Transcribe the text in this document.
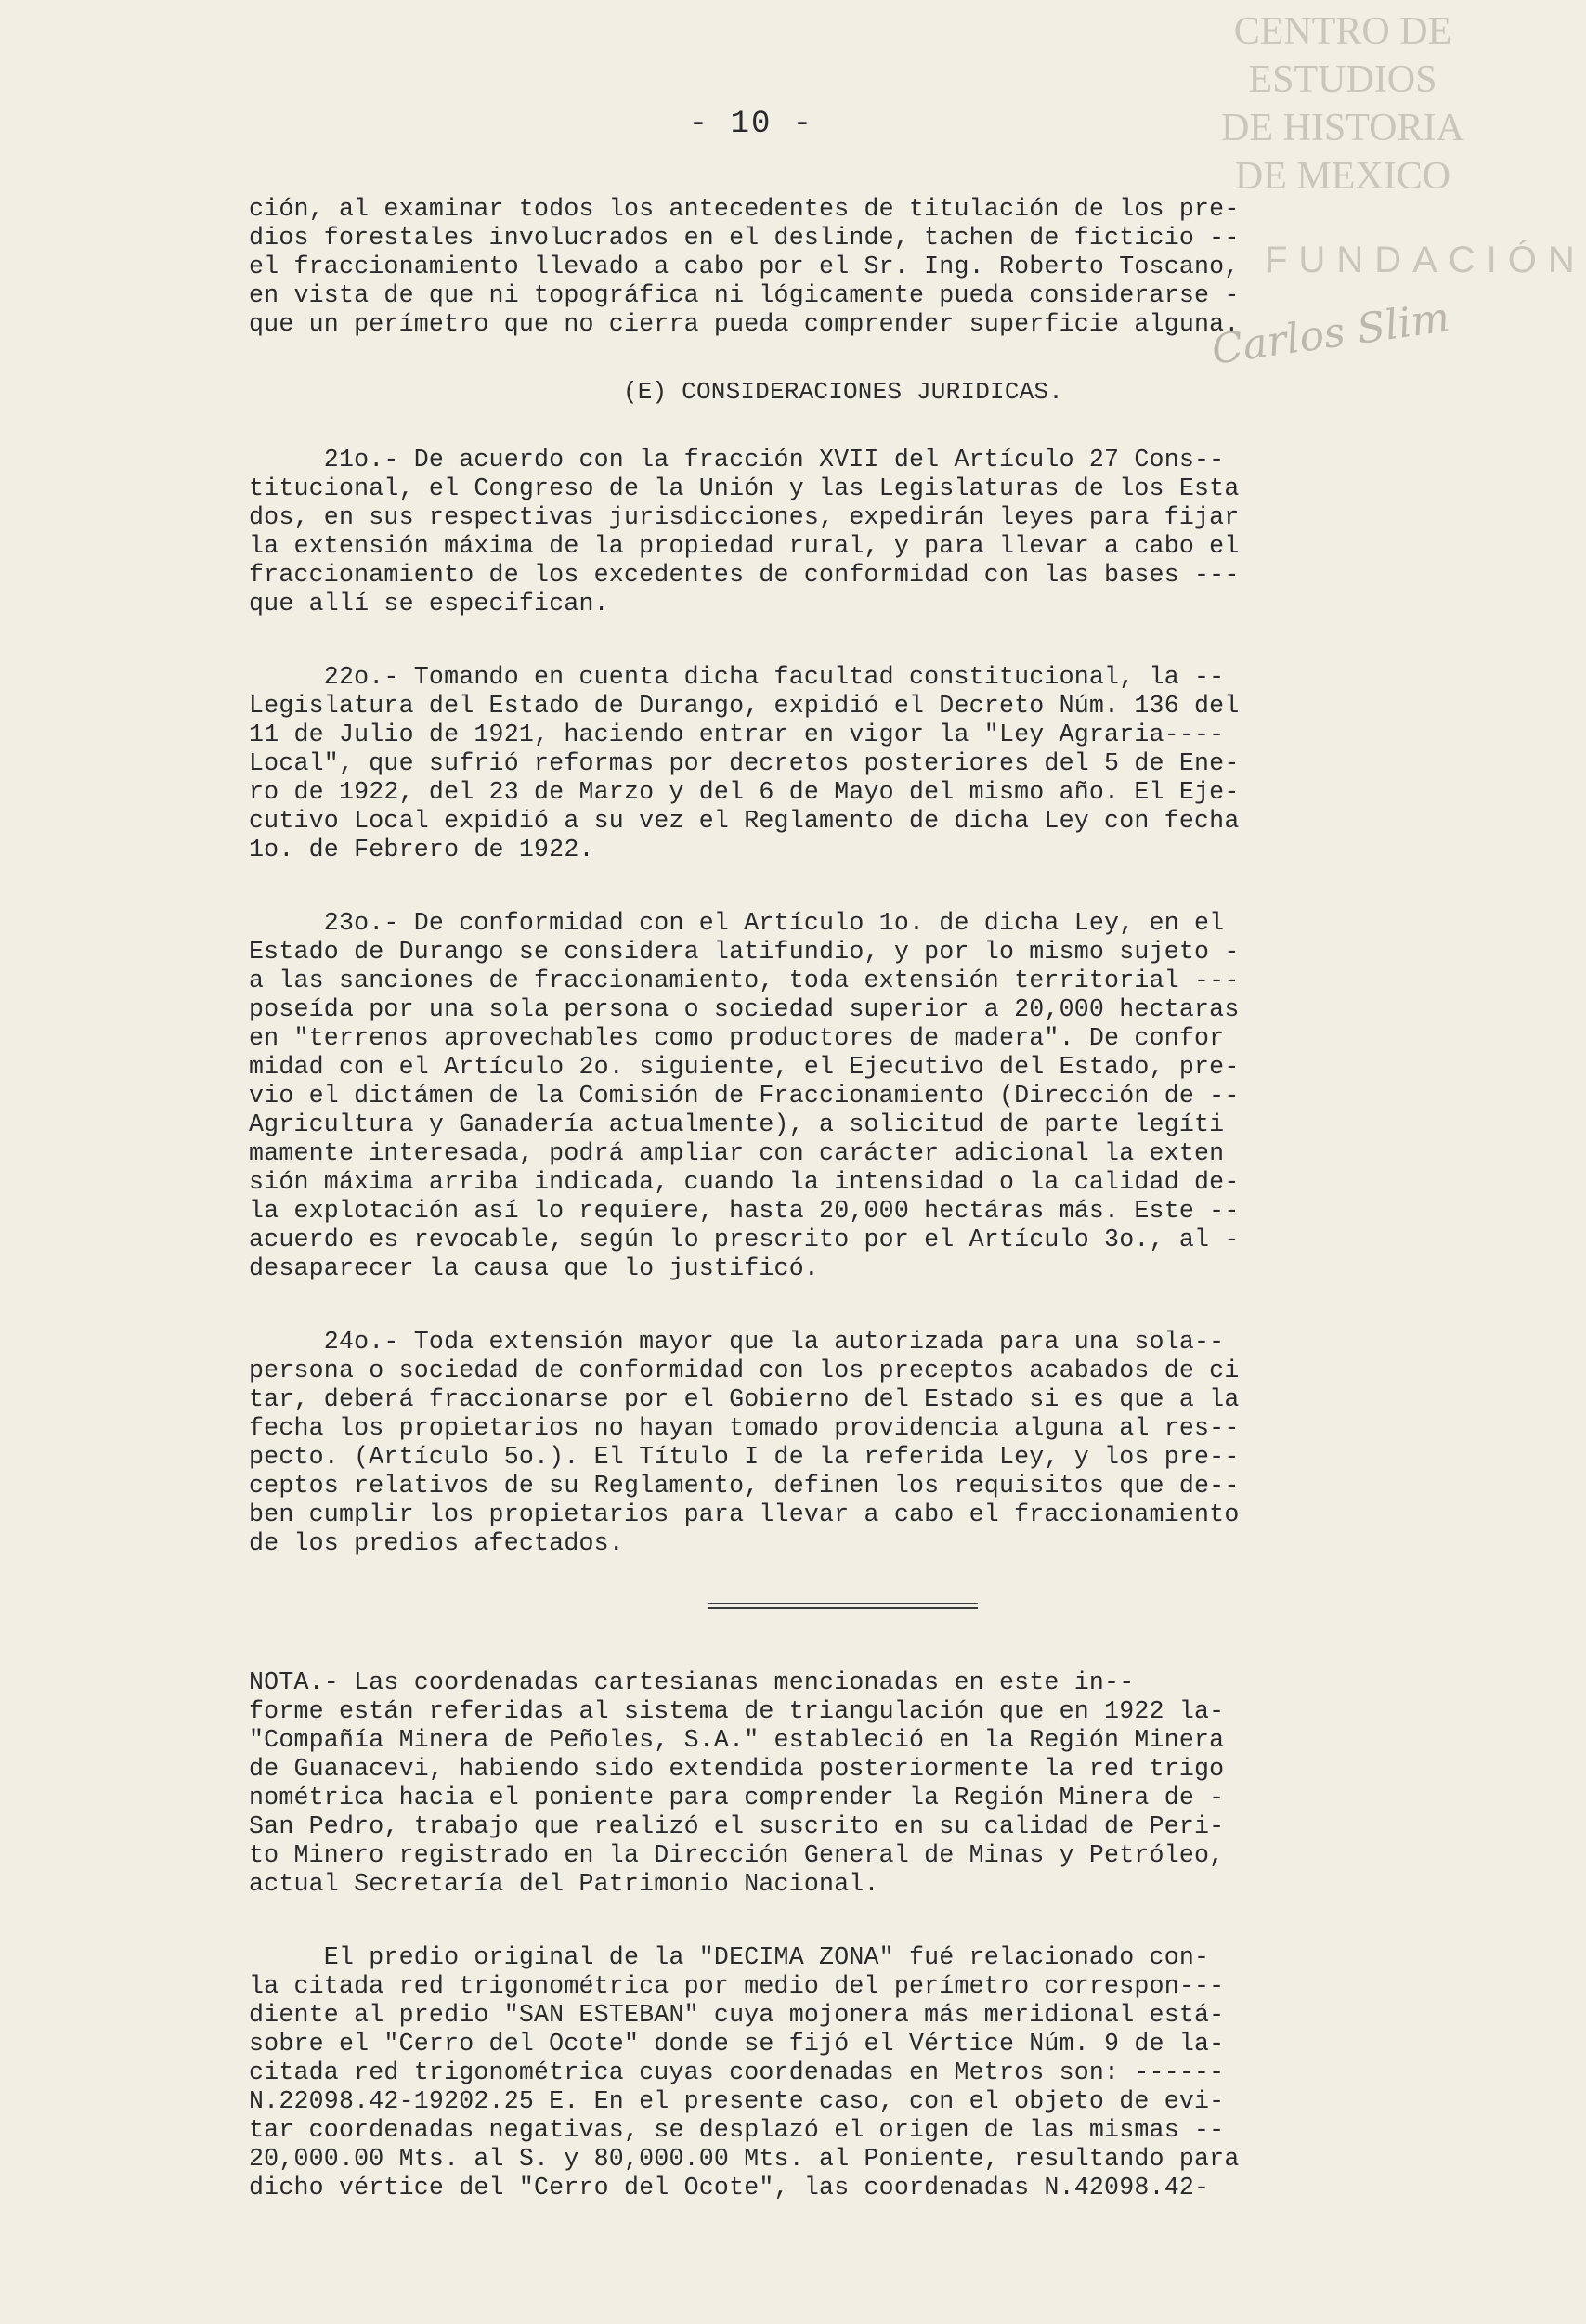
CENTRO DE
ESTUDIOS
DE HISTORIA
DE MEXICO
FUNDACIÓN
Carlos Slim
- 10 -
ción, al examinar todos los antecedentes de titulación de los pre-
dios forestales involucrados en el deslinde, tachen de ficticio --
el fraccionamiento llevado a cabo por el Sr. Ing. Roberto Toscano,
en vista de que ni topográfica ni lógicamente pueda considerarse -
que un perímetro que no cierra pueda comprender superficie alguna.
(E) CONSIDERACIONES JURIDICAS.
21o.- De acuerdo con la fracción XVII del Artículo 27 Cons--
titucional, el Congreso de la Unión y las Legislaturas de los Esta
dos, en sus respectivas jurisdicciones, expedirán leyes para fijar
la extensión máxima de la propiedad rural, y para llevar a cabo el
fraccionamiento de los excedentes de conformidad con las bases ---
que allí se especifican.
22o.- Tomando en cuenta dicha facultad constitucional, la --
Legislatura del Estado de Durango, expidió el Decreto Núm. 136 del
11 de Julio de 1921, haciendo entrar en vigor la "Ley Agraria----
Local", que sufrió reformas por decretos posteriores del 5 de Ene-
ro de 1922, del 23 de Marzo y del 6 de Mayo del mismo año. El Eje-
cutivo Local expidió a su vez el Reglamento de dicha Ley con fecha
1o. de Febrero de 1922.
23o.- De conformidad con el Artículo 1o. de dicha Ley, en el
Estado de Durango se considera latifundio, y por lo mismo sujeto -
a las sanciones de fraccionamiento, toda extensión territorial ---
poseída por una sola persona o sociedad superior a 20,000 hectaras
en "terrenos aprovechables como productores de madera". De confor
midad con el Artículo 2o. siguiente, el Ejecutivo del Estado, pre-
vio el dictámen de la Comisión de Fraccionamiento (Dirección de --
Agricultura y Ganadería actualmente), a solicitud de parte legíti
mamente interesada, podrá ampliar con carácter adicional la exten
sión máxima arriba indicada, cuando la intensidad o la calidad de-
la explotación así lo requiere, hasta 20,000 hectáras más. Este --
acuerdo es revocable, según lo prescrito por el Artículo 3o., al -
desaparecer la causa que lo justificó.
24o.- Toda extensión mayor que la autorizada para una sola--
persona o sociedad de conformidad con los preceptos acabados de ci
tar, deberá fraccionarse por el Gobierno del Estado si es que a la
fecha los propietarios no hayan tomado providencia alguna al res--
pecto. (Artículo 5o.). El Título I de la referida Ley, y los pre--
ceptos relativos de su Reglamento, definen los requisitos que de--
ben cumplir los propietarios para llevar a cabo el fraccionamiento
de los predios afectados.
NOTA.- Las coordenadas cartesianas mencionadas en este in--
forme están referidas al sistema de triangulación que en 1922 la-
"Compañía Minera de Peñoles, S.A." estableció en la Región Minera
de Guanacevi, habiendo sido extendida posteriormente la red trigo
nométrica hacia el poniente para comprender la Región Minera de -
San Pedro, trabajo que realizó el suscrito en su calidad de Peri-
to Minero registrado en la Dirección General de Minas y Petróleo,
actual Secretaría del Patrimonio Nacional.
El predio original de la "DECIMA ZONA" fué relacionado con-
la citada red trigonométrica por medio del perímetro correspon---
diente al predio "SAN ESTEBAN" cuya mojonera más meridional está-
sobre el "Cerro del Ocote" donde se fijó el Vértice Núm. 9 de la-
citada red trigonométrica cuyas coordenadas en Metros son: ------
N.22098.42-19202.25 E. En el presente caso, con el objeto de evi-
tar coordenadas negativas, se desplazó el origen de las mismas --
20,000.00 Mts. al S. y 80,000.00 Mts. al Poniente, resultando para
dicho vértice del "Cerro del Ocote", las coordenadas N.42098.42-
